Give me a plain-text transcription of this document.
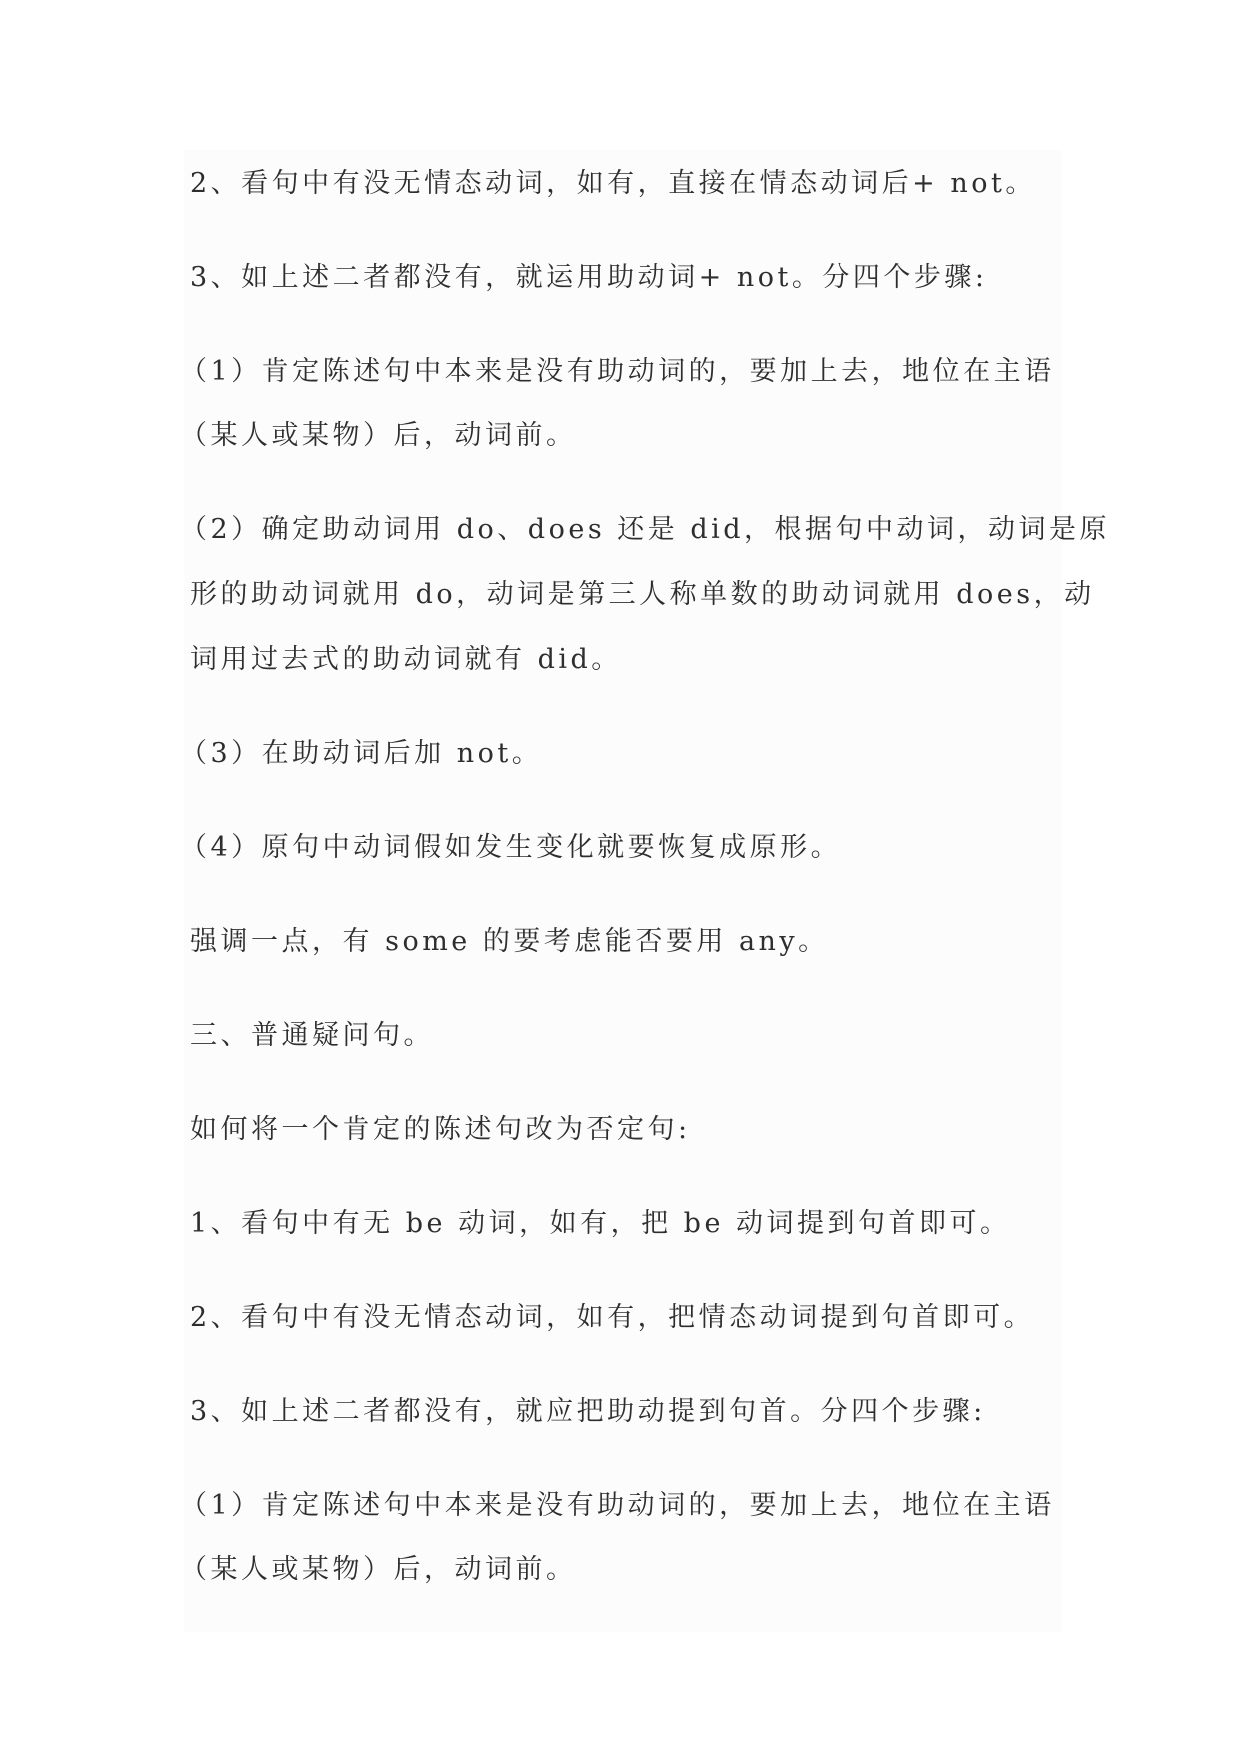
2、看句中有没无情态动词，如有，直接在情态动词后+ not。

3、如上述二者都没有，就运用助动词+ not。分四个步骤:

（1）肯定陈述句中本来是没有助动词的，要加上去，地位在主语

（某人或某物）后，动词前。

（2）确定助动词用 do、does 还是 did，根据句中动词，动词是原

形的助动词就用 do，动词是第三人称单数的助动词就用 does，动

词用过去式的助动词就有 did。

（3）在助动词后加 not。

（4）原句中动词假如发生变化就要恢复成原形。

强调一点，有 some 的要考虑能否要用 any。

三、普通疑问句。

如何将一个肯定的陈述句改为否定句:

1、看句中有无 be 动词，如有，把 be 动词提到句首即可。

2、看句中有没无情态动词，如有，把情态动词提到句首即可。

3、如上述二者都没有，就应把助动提到句首。分四个步骤:

（1）肯定陈述句中本来是没有助动词的，要加上去，地位在主语

（某人或某物）后，动词前。
